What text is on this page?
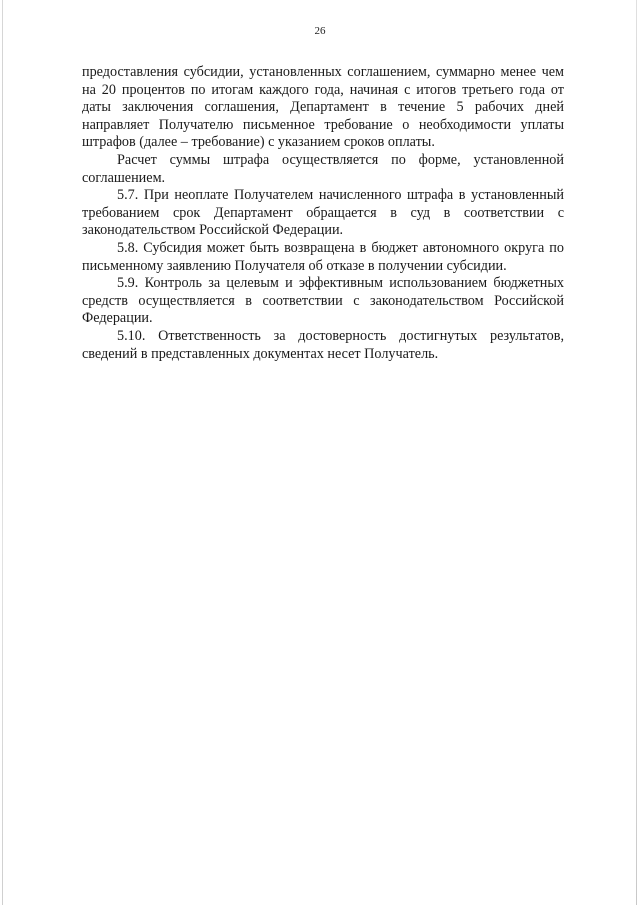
26

предоставления субсидии, установленных соглашением, суммарно менее чем на 20 процентов по итогам каждого года, начиная с итогов третьего года от даты заключения соглашения, Департамент в течение 5 рабочих дней направляет Получателю письменное требование о необходимости уплаты штрафов (далее – требование) с указанием сроков оплаты.

Расчет суммы штрафа осуществляется по форме, установленной соглашением.

5.7. При неоплате Получателем начисленного штрафа в установленный требованием срок Департамент обращается в суд в соответствии с законодательством Российской Федерации.

5.8. Субсидия может быть возвращена в бюджет автономного округа по письменному заявлению Получателя об отказе в получении субсидии.

5.9. Контроль за целевым и эффективным использованием бюджетных средств осуществляется в соответствии с законодательством Российской Федерации.

5.10. Ответственность за достоверность достигнутых результатов, сведений в представленных документах несет Получатель.
